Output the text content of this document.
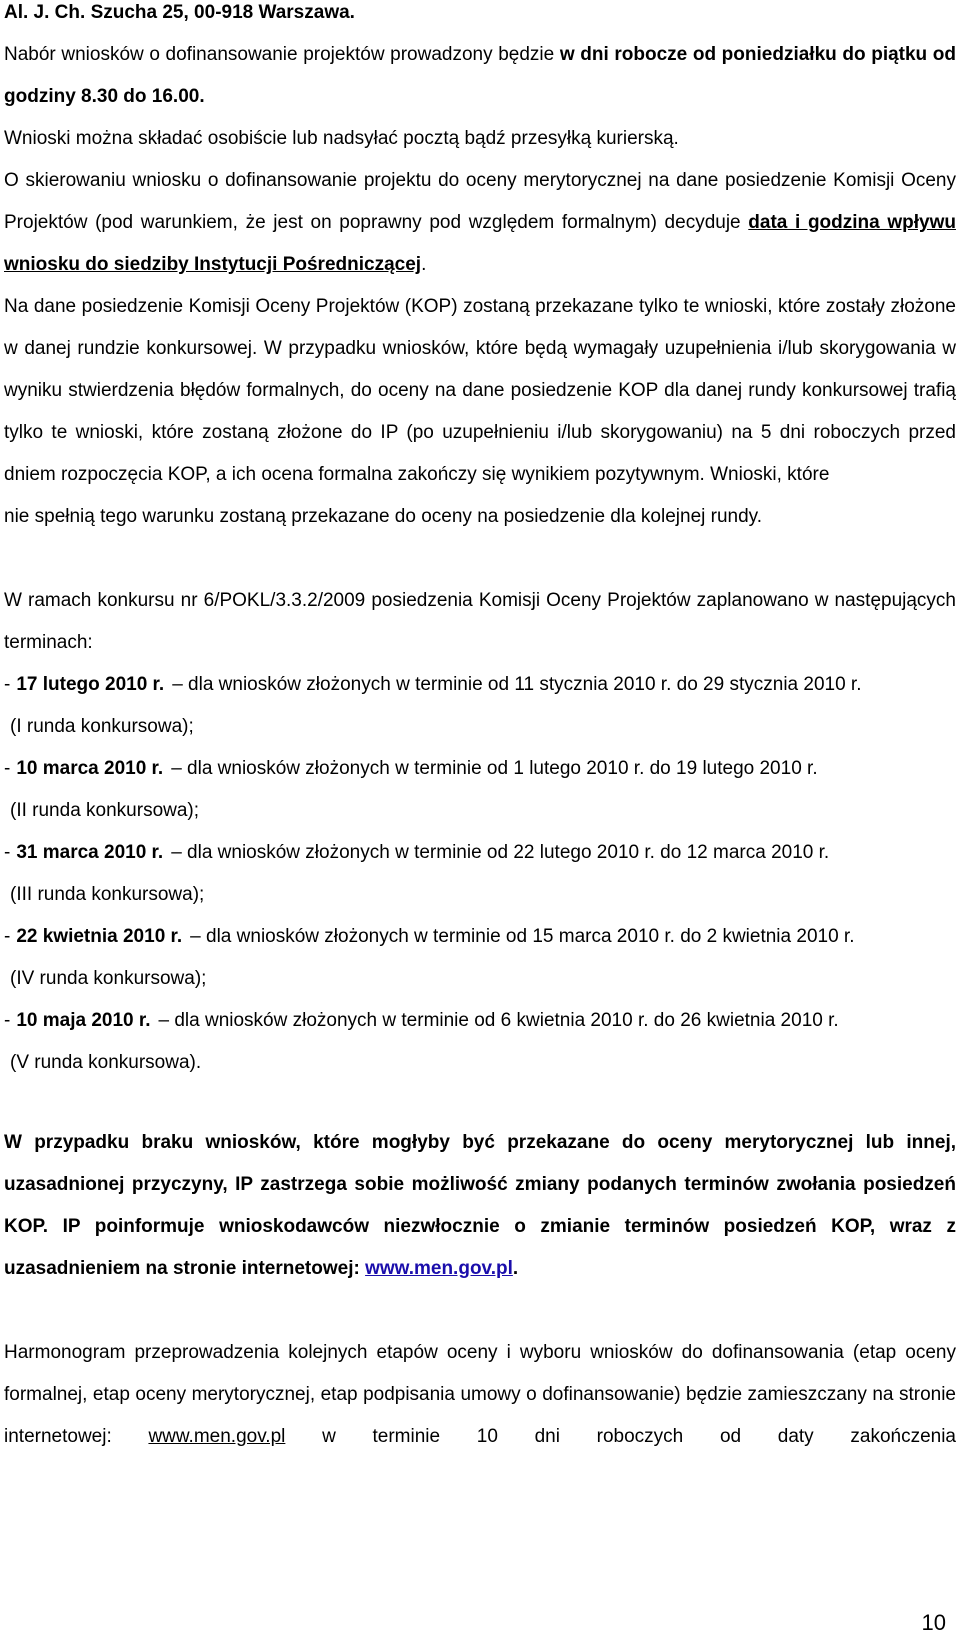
Al. J. Ch. Szucha 25, 00-918 Warszawa.

Nabór wniosków o dofinansowanie projektów prowadzony będzie w dni robocze od poniedziałku do piątku od godziny 8.30 do 16.00.

Wnioski można składać osobiście lub nadsyłać pocztą bądź przesyłką kurierską.

O skierowaniu wniosku o dofinansowanie projektu do oceny merytorycznej na dane posiedzenie Komisji Oceny Projektów (pod warunkiem, że jest on poprawny pod względem formalnym) decyduje data i godzina wpływu wniosku do siedziby Instytucji Pośredniczącej.

Na dane posiedzenie Komisji Oceny Projektów (KOP) zostaną przekazane tylko te wnioski, które zostały złożone w danej rundzie konkursowej. W przypadku wniosków, które będą wymagały uzupełnienia i/lub skorygowania w wyniku stwierdzenia błędów formalnych, do oceny na dane posiedzenie KOP dla danej rundy konkursowej trafią tylko te wnioski, które zostaną złożone do IP (po uzupełnieniu i/lub skorygowaniu) na 5 dni roboczych przed dniem rozpoczęcia KOP, a ich ocena formalna zakończy się wynikiem pozytywnym. Wnioski, które

nie spełnią tego warunku zostaną przekazane do oceny na posiedzenie dla kolejnej rundy.

W ramach konkursu nr 6/POKL/3.3.2/2009 posiedzenia Komisji Oceny Projektów zaplanowano w następujących terminach:

- 17 lutego 2010 r. – dla wniosków złożonych w terminie od 11 stycznia 2010 r. do 29 stycznia 2010 r.
(I runda konkursowa);
- 10 marca 2010 r. – dla wniosków złożonych w terminie od 1 lutego 2010 r. do 19 lutego 2010 r.
(II runda konkursowa);
- 31 marca 2010 r. – dla wniosków złożonych w terminie od 22 lutego 2010 r. do 12 marca 2010 r.
(III runda konkursowa);
- 22 kwietnia 2010 r. – dla wniosków złożonych w terminie od 15 marca 2010 r. do 2 kwietnia 2010 r.
(IV runda konkursowa);
- 10 maja 2010 r. – dla wniosków złożonych w terminie od 6 kwietnia 2010 r. do 26 kwietnia 2010 r.
(V runda konkursowa).

W przypadku braku wniosków, które mogłyby być przekazane do oceny merytorycznej lub innej, uzasadnionej przyczyny, IP zastrzega sobie możliwość zmiany podanych terminów zwołania posiedzeń KOP. IP poinformuje wnioskodawców niezwłocznie o zmianie terminów posiedzeń KOP, wraz z uzasadnieniem na stronie internetowej: www.men.gov.pl.

Harmonogram przeprowadzenia kolejnych etapów oceny i wyboru wniosków do dofinansowania (etap oceny formalnej, etap oceny merytorycznej, etap podpisania umowy o dofinansowanie) będzie zamieszczany na stronie internetowej: www.men.gov.pl w terminie 10 dni roboczych od daty zakończenia

10
